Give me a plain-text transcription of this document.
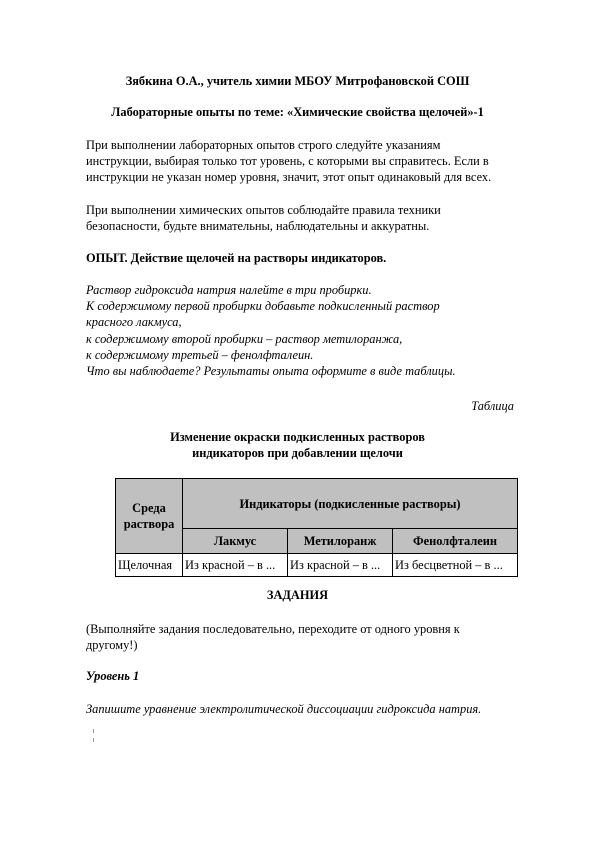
Зябкина О.А., учитель химии МБОУ Митрофановской СОШ
Лабораторные опыты по теме: «Химические свойства щелочей»-1
При выполнении лабораторных опытов строго следуйте указаниям
инструкции, выбирая только тот уровень, с которыми вы справитесь. Если в
инструкции не указан номер уровня, значит, этот опыт одинаковый для всех.
При выполнении химических опытов соблюдайте правила техники
безопасности, будьте внимательны, наблюдательны и аккуратны.
ОПЫТ. Действие щелочей на растворы индикаторов.
Раствор гидроксида натрия налейте в три пробирки.
К содержимому первой пробирки добавьте подкисленный раствор
красного лакмуса,
к содержимому второй пробирки – раствор метилоранжа,
к содержимому третьей – фенолфталеин.
Что вы наблюдаете? Результаты опыта оформите в виде таблицы.
Таблица
Изменение окраски подкисленных растворов
индикаторов при добавлении щелочи
Среда раствора	Индикаторы (подкисленные растворы)		
	Лакмус	Метилоранж	Фенолфталеин
Щелочная	Из красной – в ...	Из красной – в ...	Из бесцветной – в ...
ЗАДАНИЯ
(Выполняйте задания последовательно, переходите от одного уровня к
другому!)
Уровень 1
Запишите уравнение электролитической диссоциации гидроксида натрия.
